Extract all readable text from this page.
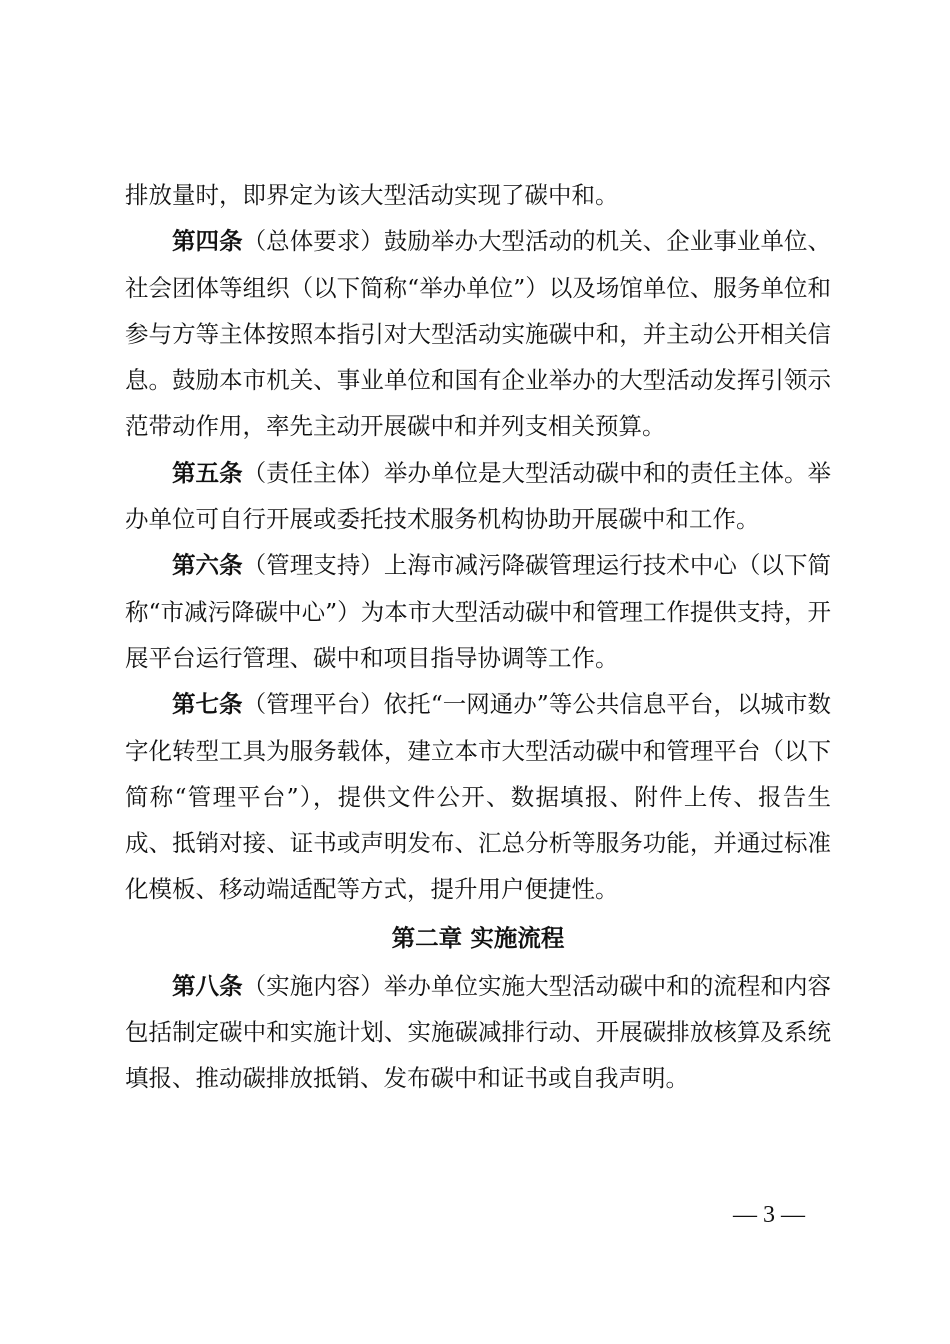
排放量时，即界定为该大型活动实现了碳中和。

第四条（总体要求）鼓励举办大型活动的机关、企业事业单位、社会团体等组织（以下简称“举办单位”）以及场馆单位、服务单位和参与方等主体按照本指引对大型活动实施碳中和，并主动公开相关信息。鼓励本市机关、事业单位和国有企业举办的大型活动发挥引领示范带动作用，率先主动开展碳中和并列支相关预算。

第五条（责任主体）举办单位是大型活动碳中和的责任主体。举办单位可自行开展或委托技术服务机构协助开展碳中和工作。

第六条（管理支持）上海市减污降碳管理运行技术中心（以下简称“市减污降碳中心”）为本市大型活动碳中和管理工作提供支持，开展平台运行管理、碳中和项目指导协调等工作。

第七条（管理平台）依托“一网通办”等公共信息平台，以城市数字化转型工具为服务载体，建立本市大型活动碳中和管理平台（以下简称“管理平台”），提供文件公开、数据填报、附件上传、报告生成、抵销对接、证书或声明发布、汇总分析等服务功能，并通过标准化模板、移动端适配等方式，提升用户便捷性。

第二章 实施流程

第八条（实施内容）举办单位实施大型活动碳中和的流程和内容包括制定碳中和实施计划、实施碳减排行动、开展碳排放核算及系统填报、推动碳排放抵销、发布碳中和证书或自我声明。

— 3 —
